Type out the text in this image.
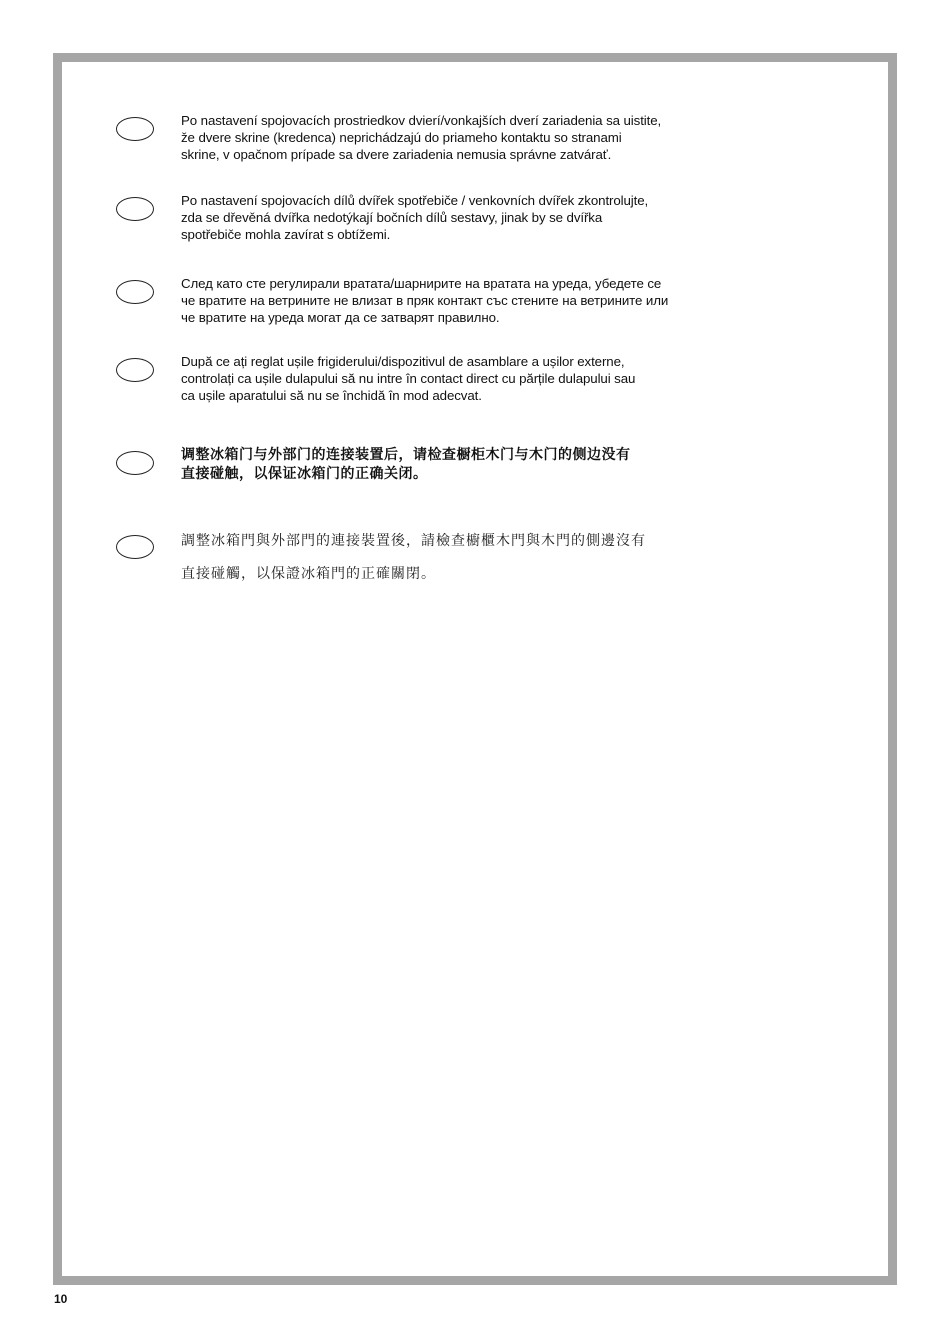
Po nastavení spojovacích prostriedkov dvierí/vonkajších dverí zariadenia sa uistite,
že dvere skrine (kredenca) neprichádzajú do priameho kontaktu so stranami
skrine, v opačnom prípade sa dvere zariadenia nemusia správne zatvárať.
Po nastavení spojovacích dílů dvířek spotřebiče / venkovních dvířek zkontrolujte,
zda se dřevěná dvířka nedotýkají bočních dílů sestavy, jinak by se dvířka
spotřebiče mohla zavírat s obtížemi.
След като сте регулирали вратата/шарнирите на вратата на уреда, убедете се
че вратите на ветрините не влизат в пряк контакт със стените на ветрините или
че вратите на уреда могат да се затварят правилно.
După ce ați reglat ușile frigiderului/dispozitivul de asamblare a ușilor externe,
controlați ca ușile dulapului să nu intre în contact direct cu părțile dulapului sau
ca ușile aparatului să nu se închidă în mod adecvat.
调整冰箱门与外部门的连接装置后，请检查橱柜木门与木门的侧边没有
直接碰触，以保证冰箱门的正确关闭。
調整冰箱門與外部門的連接裝置後，請檢查櫥櫃木門與木門的側邊沒有
直接碰觸，以保證冰箱門的正確關閉。
10
